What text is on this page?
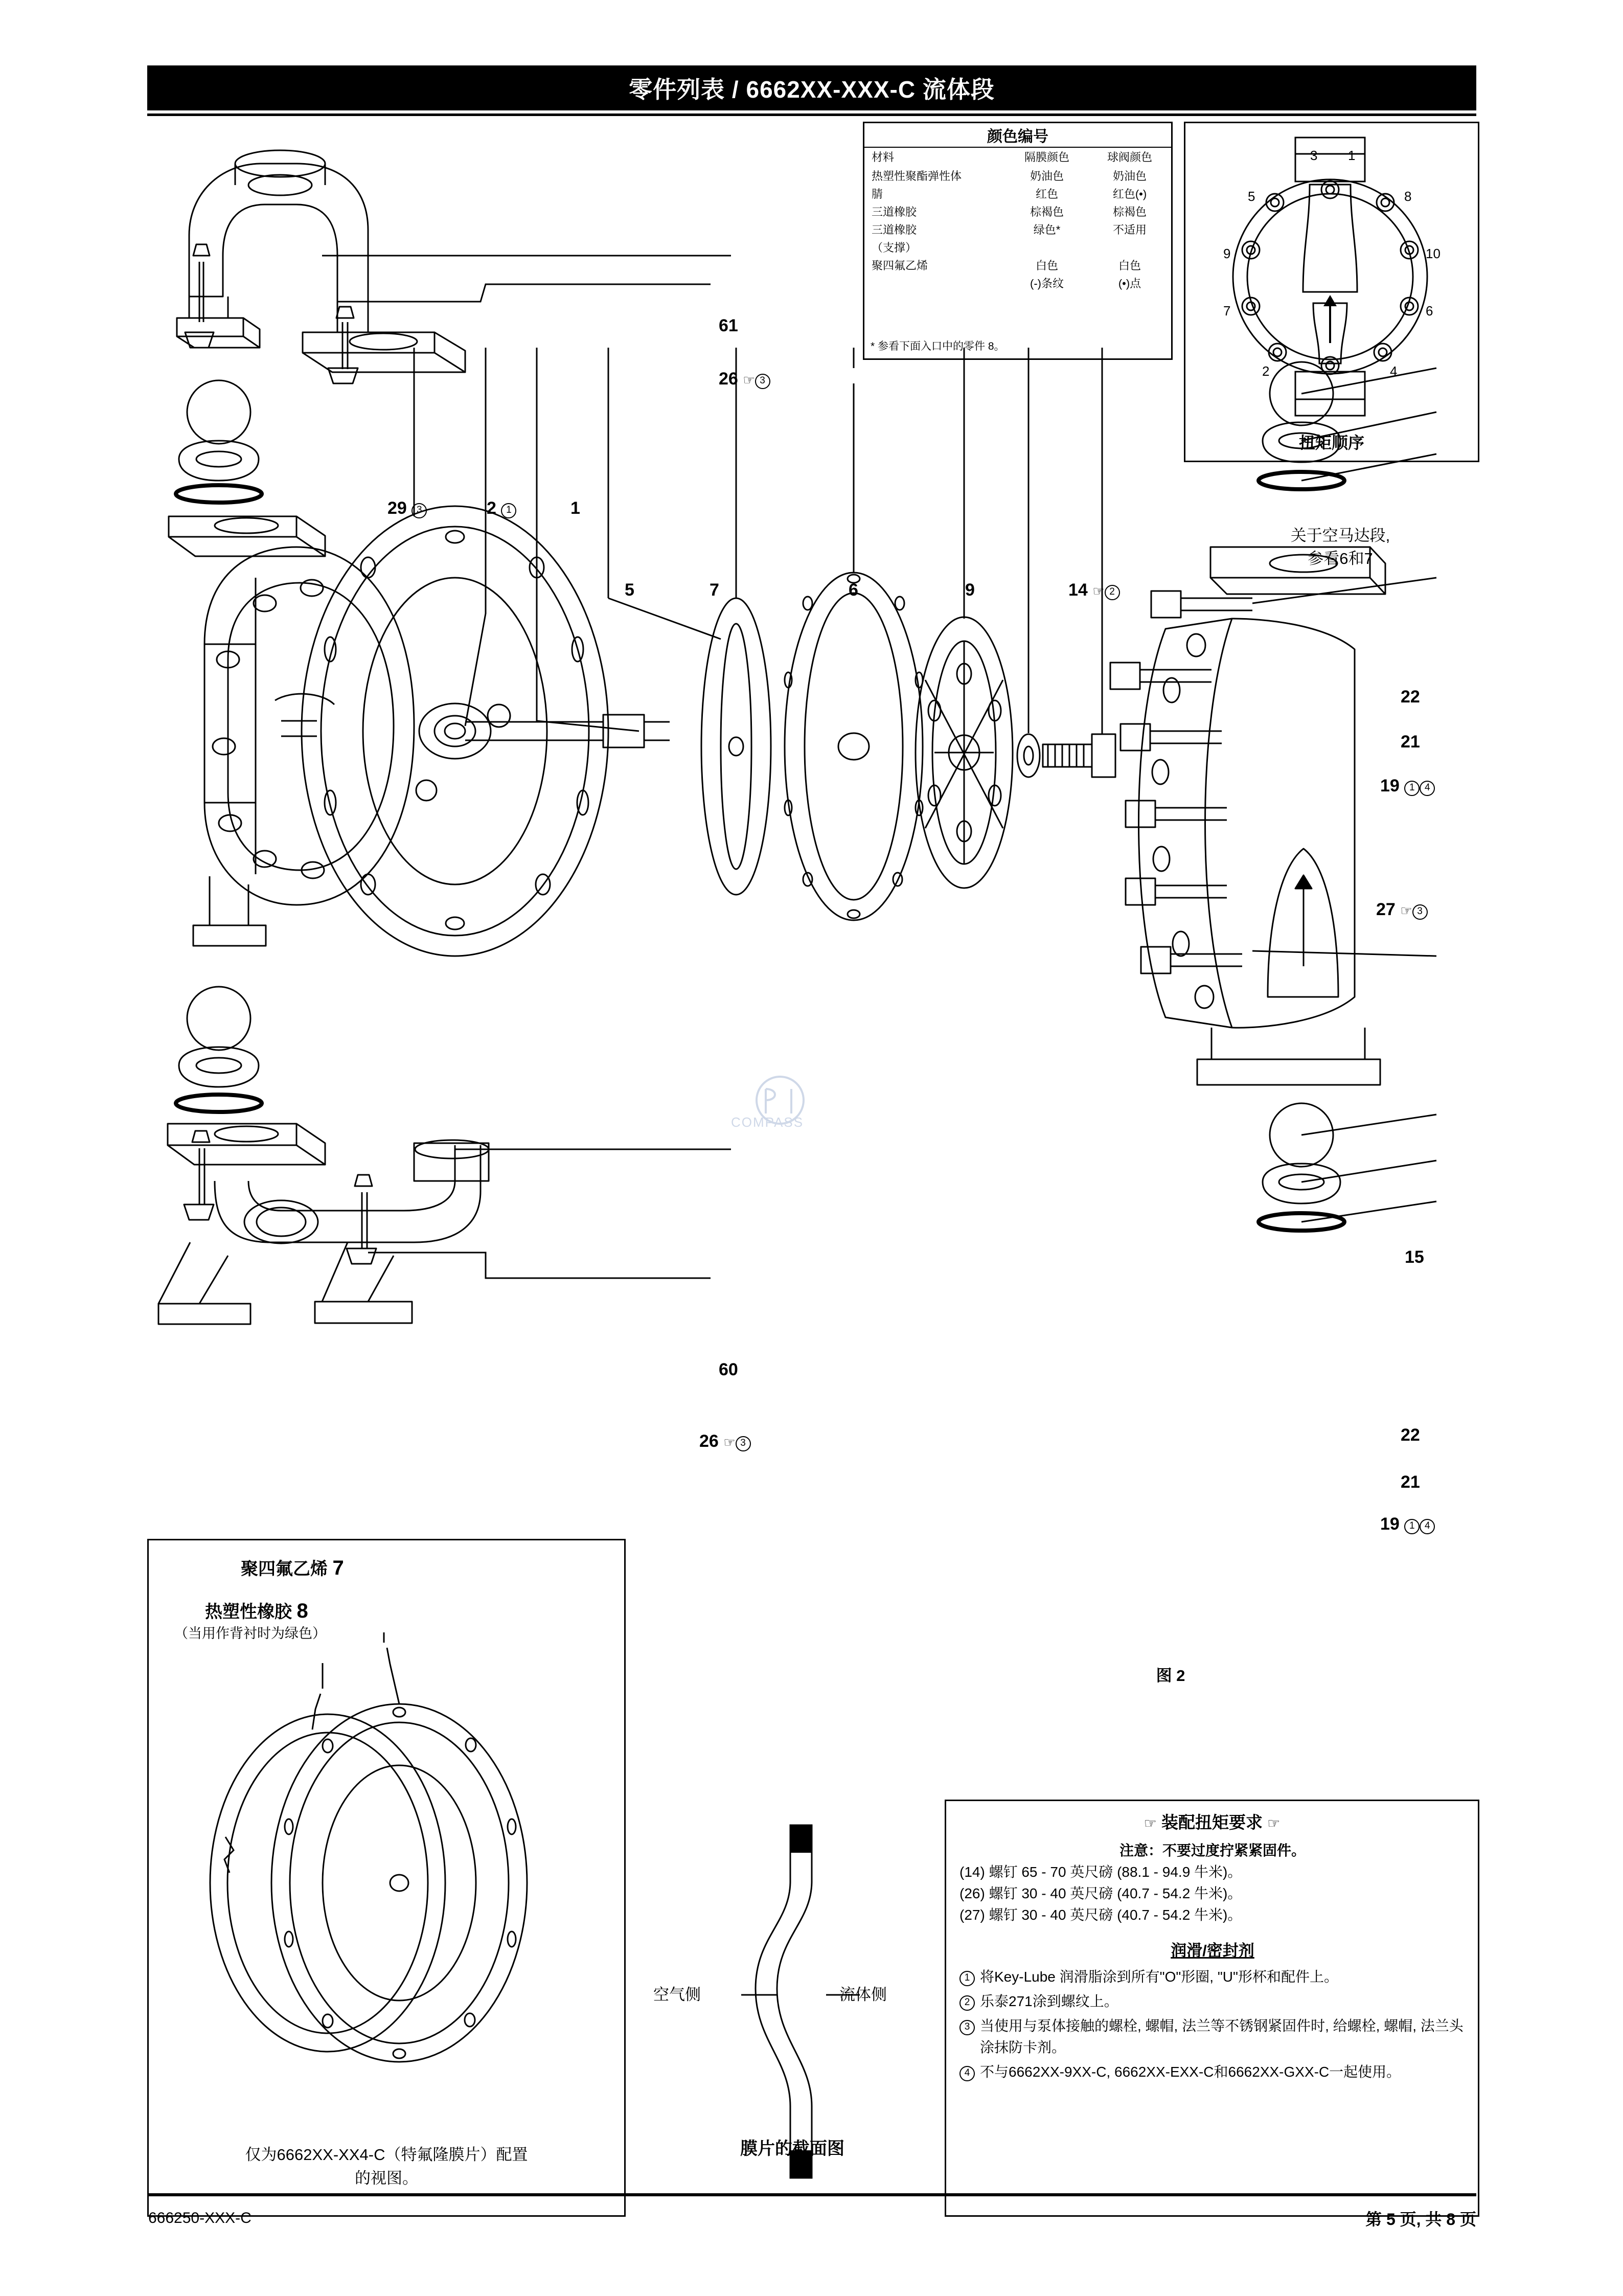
零件列表 / 6662XX-XXX-C 流体段
颜色编号
材料	隔膜颜色	球阀颜色
热塑性聚酯弹性体	奶油色	奶油色
腈	红色	红色(•)
三道橡胶	棕褐色	棕褐色
三道橡胶	绿色*	不适用
（支撑）		
聚四氟乙烯	白色	白色
	(-)条纹	(•)点
* 参看下面入口中的零件 8。
3 1
5	8
9	10
7	6
2	4
扭矩顺序
61
26 ☞ 3
29 3	2 1	1
5	7	6	9	14 ☞ 2
22
21
19 1 4
27 ☞ 3
15
22
21
19 1 4
60
26 ☞ 3
关于空马达段,
参看6和7
COMPASS
图 2
聚四氟乙烯 7
热塑性橡胶 8
（当用作背衬时为绿色）
仅为6662XX-XX4-C（特氟隆膜片）配置
的视图。
空气侧	流体侧
膜片的截面图
☞ 装配扭矩要求 ☞
注意：不要过度拧紧紧固件。
(14) 螺钉 65 - 70 英尺磅 (88.1 - 94.9 牛米)。
(26) 螺钉 30 - 40 英尺磅 (40.7 - 54.2 牛米)。
(27) 螺钉 30 - 40 英尺磅 (40.7 - 54.2 牛米)。
润滑/密封剂
1 将Key-Lube 润滑脂涂到所有"O"形圈, "U"形杯和配件上。
2 乐泰271涂到螺纹上。
3 当使用与泵体接触的螺栓, 螺帽, 法兰等不锈钢紧固件时, 给螺栓, 螺帽, 法兰头 涂抹防卡剂。
4 不与6662XX-9XX-C, 6662XX-EXX-C和6662XX-GXX-C一起使用。
666250-XXX-C	第 5 页, 共 8 页
